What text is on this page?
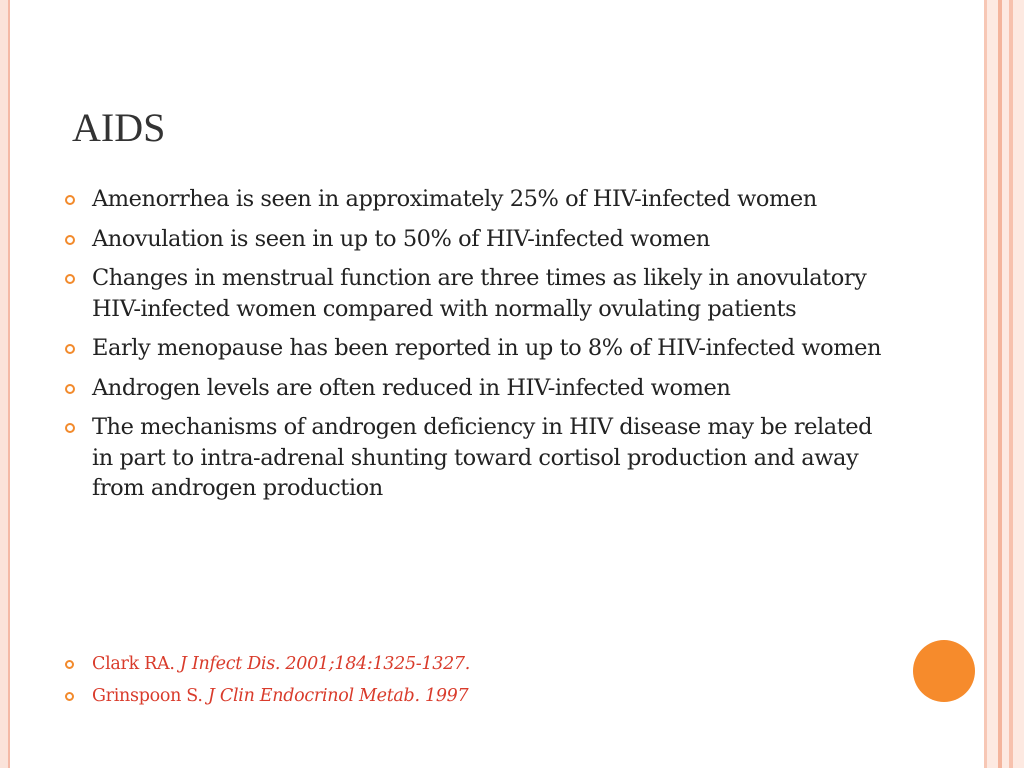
AIDS
Amenorrhea is seen in approximately 25% of HIV-infected women
Anovulation is seen in up to 50% of HIV-infected women
Changes in menstrual function are three times as likely in anovulatory HIV-infected women compared with normally ovulating patients
Early menopause has been reported in up to 8% of HIV-infected women
Androgen levels are often reduced in HIV-infected women
The mechanisms of androgen deficiency in HIV disease may be related in part to intra-adrenal shunting toward cortisol production and away from androgen production
Clark RA. J Infect Dis. 2001;184:1325-1327.
Grinspoon S. J Clin Endocrinol Metab. 1997
